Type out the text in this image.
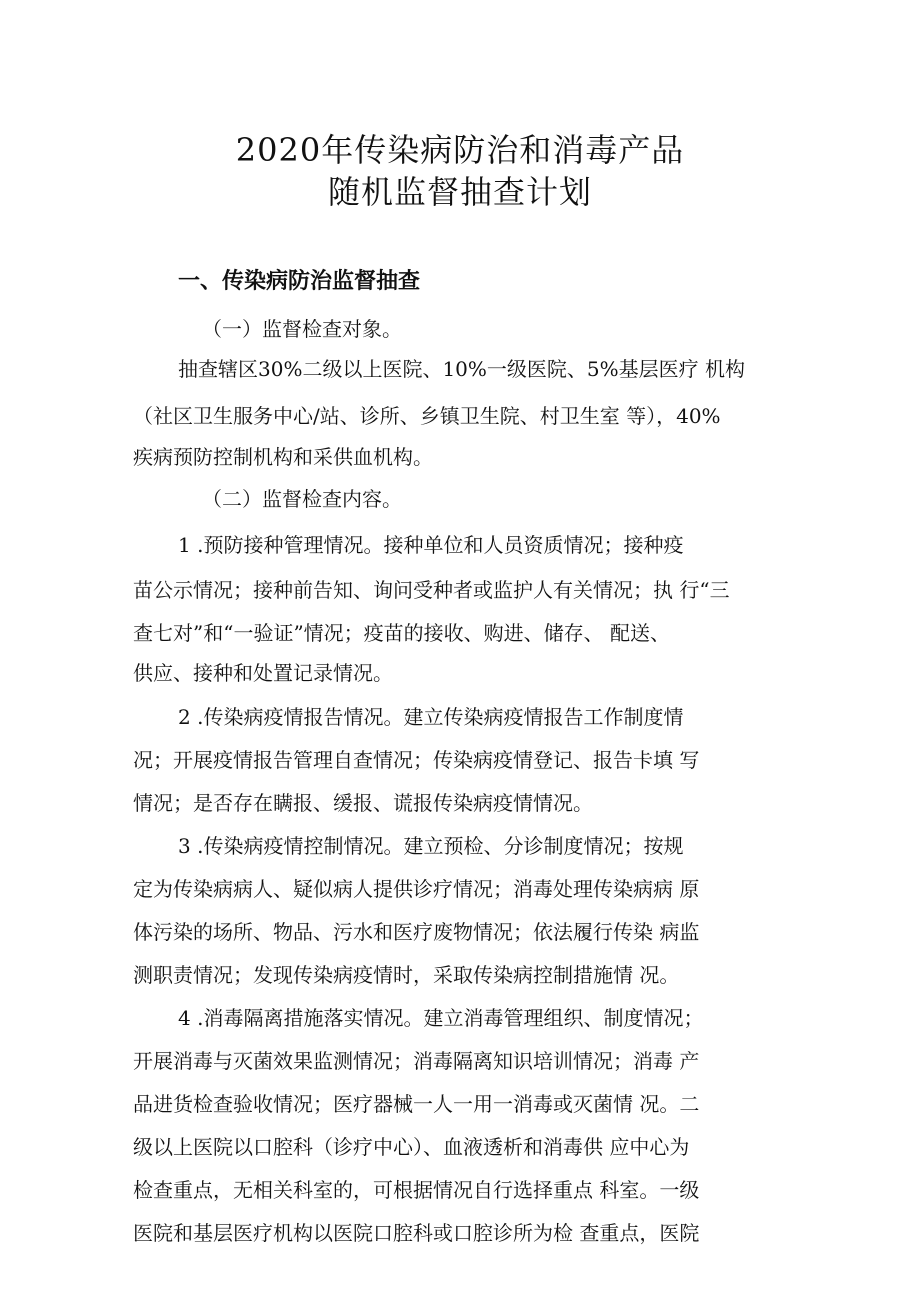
2020年传染病防治和消毒产品
随机监督抽查计划
一、传染病防治监督抽查
（一）监督检查对象。
抽查辖区30%二级以上医院、10%一级医院、5%基层医疗 机构
（社区卫生服务中心/站、诊所、乡镇卫生院、村卫生室 等），40%
疾病预防控制机构和采供血机构。
（二）监督检查内容。
1 .预防接种管理情况。接种单位和人员资质情况；接种疫
苗公示情况；接种前告知、询问受种者或监护人有关情况；执 行“三
查七对”和“一验证”情况；疫苗的接收、购进、储存、 配送、
供应、接种和处置记录情况。
2 .传染病疫情报告情况。建立传染病疫情报告工作制度情
况；开展疫情报告管理自查情况；传染病疫情登记、报告卡填 写
情况；是否存在瞒报、缓报、谎报传染病疫情情况。
3 .传染病疫情控制情况。建立预检、分诊制度情况；按规
定为传染病病人、疑似病人提供诊疗情况；消毒处理传染病病 原
体污染的场所、物品、污水和医疗废物情况；依法履行传染 病监
测职责情况；发现传染病疫情时，采取传染病控制措施情 况。
4 .消毒隔离措施落实情况。建立消毒管理组织、制度情况；
开展消毒与灭菌效果监测情况；消毒隔离知识培训情况；消毒 产
品进货检查验收情况；医疗器械一人一用一消毒或灭菌情 况。二
级以上医院以口腔科（诊疗中心）、血液透析和消毒供 应中心为
检查重点，无相关科室的，可根据情况自行选择重点 科室。一级
医院和基层医疗机构以医院口腔科或口腔诊所为检 查重点，医院
